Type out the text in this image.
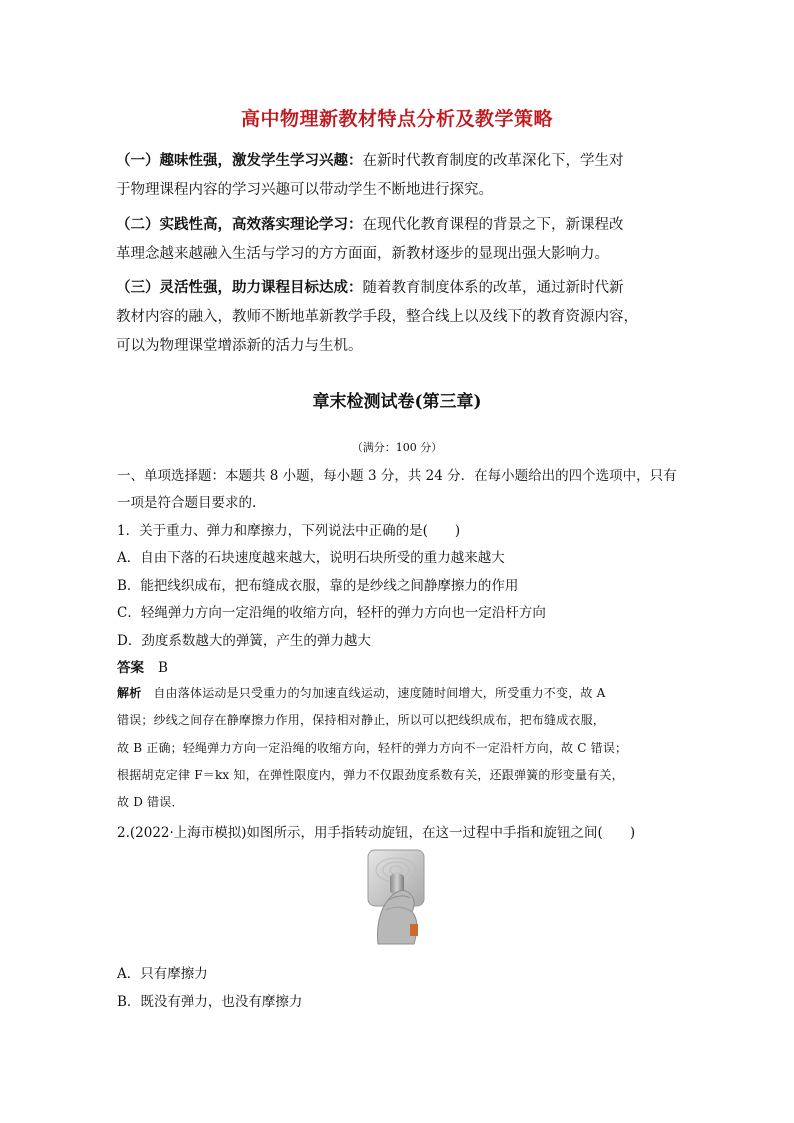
高中物理新教材特点分析及教学策略
（一）趣味性强，激发学生学习兴趣：在新时代教育制度的改革深化下，学生对
于物理课程内容的学习兴趣可以带动学生不断地进行探究。
（二）实践性高，高效落实理论学习：在现代化教育课程的背景之下，新课程改
革理念越来越融入生活与学习的方方面面，新教材逐步的显现出强大影响力。
（三）灵活性强，助力课程目标达成：随着教育制度体系的改革，通过新时代新
教材内容的融入，教师不断地革新教学手段，整合线上以及线下的教育资源内容，
可以为物理课堂增添新的活力与生机。
章末检测试卷(第三章)
（满分：100 分）
一、单项选择题：本题共 8 小题，每小题 3 分，共 24 分．在每小题给出的四个选项中，只有
一项是符合题目要求的.
1．关于重力、弹力和摩擦力，下列说法中正确的是(　　)
A．自由下落的石块速度越来越大，说明石块所受的重力越来越大
B．能把线织成布，把布缝成衣服，靠的是纱线之间静摩擦力的作用
C．轻绳弹力方向一定沿绳的收缩方向，轻杆的弹力方向也一定沿杆方向
D．劲度系数越大的弹簧，产生的弹力越大
答案 B
解析 自由落体运动是只受重力的匀加速直线运动，速度随时间增大，所受重力不变，故 A
错误；纱线之间存在静摩擦力作用，保持相对静止，所以可以把线织成布，把布缝成衣服，
故 B 正确；轻绳弹力方向一定沿绳的收缩方向，轻杆的弹力方向不一定沿杆方向，故 C 错误；
根据胡克定律 F＝kx 知，在弹性限度内，弹力不仅跟劲度系数有关，还跟弹簧的形变量有关，
故 D 错误．
2.(2022·上海市模拟)如图所示，用手指转动旋钮，在这一过程中手指和旋钮之间(　　)
A．只有摩擦力
B．既没有弹力，也没有摩擦力
